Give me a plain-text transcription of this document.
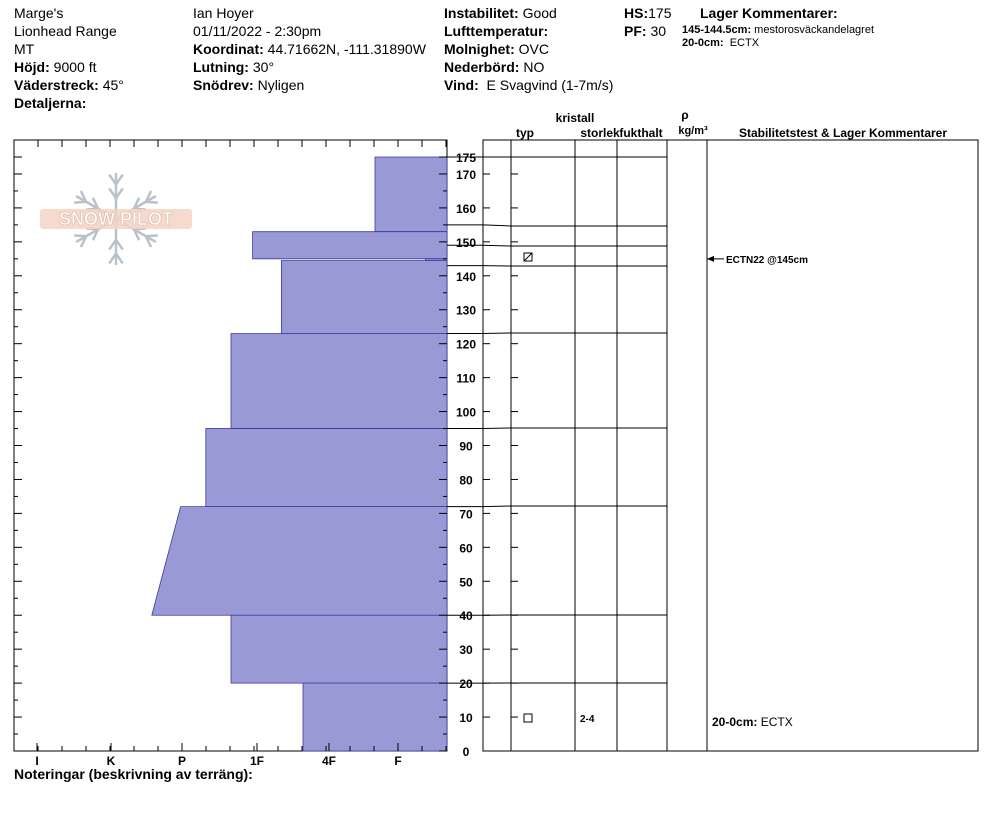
Marge's
Lionhead Range
MT
Höjd: 9000 ft
Väderstreck: 45°
Detaljerna:
Ian Hoyer
01/11/2022 - 2:30pm
Koordinat: 44.71662N, -111.31890W
Lutning: 30°
Snödrev: Nyligen
Instabilitet: Good
Lufttemperatur:
Molnighet: OVC
Nederbörd: NO
Vind: E Svagvind (1-7m/s)
HS:175
PF: 30
Lager Kommentarer:
145-144.5cm: mestorosväckandelagret
20-0cm: ECTX
SNOW PILOT
I	K	P	1F	4F	F
0
10
20
30
40
50
60
70
80
90
100
110
120
130
140
150
160
170
175
2-4
ECTN22 @145cm
20-0cm: ECTX
typ
kristall
storlek fukthalt
ρ
kg/m³	Stabilitetstest & Lager Kommentarer
Noteringar (beskrivning av terräng):
